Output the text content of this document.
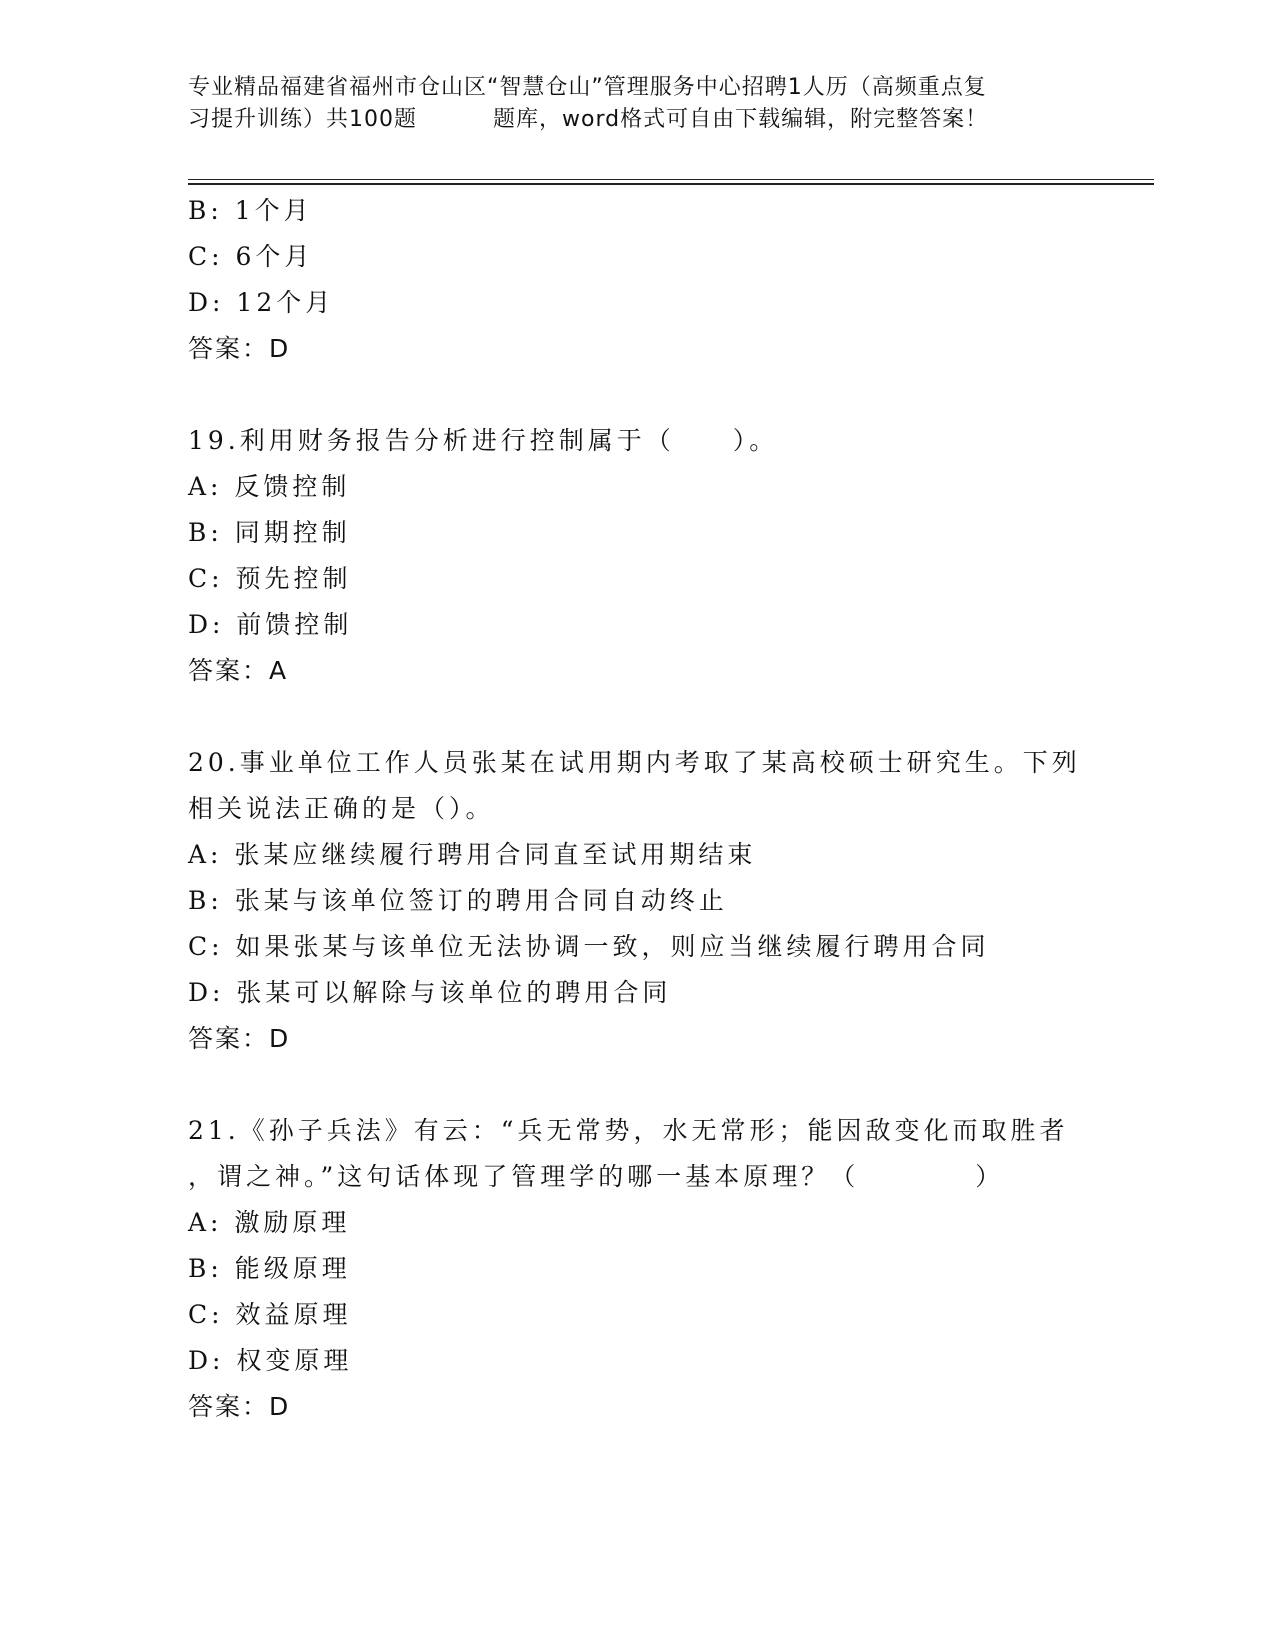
专业精品福建省福州市仓山区“智慧仓山”管理服务中心招聘1人历（高频重点复
习提升训练）共100题	题库，word格式可自由下载编辑，附完整答案！
B: 1个月
C: 6个月
D: 12个月
答案：D
19.利用财务报告分析进行控制属于（　　）。
A: 反馈控制
B: 同期控制
C: 预先控制
D: 前馈控制
答案：A
20.事业单位工作人员张某在试用期内考取了某高校硕士研究生。下列
相关说法正确的是（）。
A: 张某应继续履行聘用合同直至试用期结束
B: 张某与该单位签订的聘用合同自动终止
C: 如果张某与该单位无法协调一致，则应当继续履行聘用合同
D: 张某可以解除与该单位的聘用合同
答案：D
21.《孙子兵法》有云：“兵无常势，水无常形；能因敌变化而取胜者
，谓之神。”这句话体现了管理学的哪一基本原理？（　　　　）
A: 激励原理
B: 能级原理
C: 效益原理
D: 权变原理
答案：D
